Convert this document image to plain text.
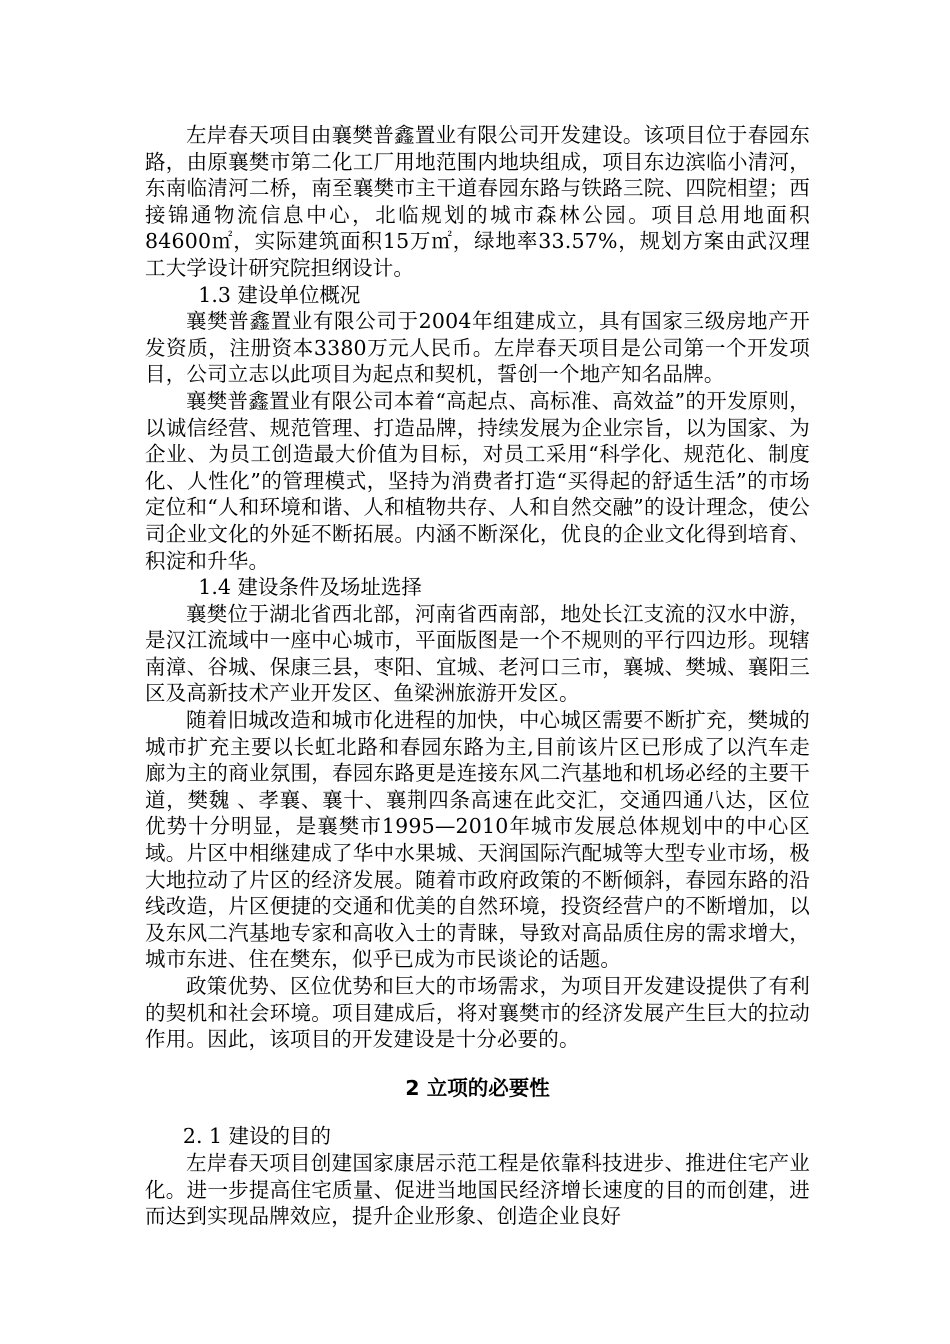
左岸春天项目由襄樊普鑫置业有限公司开发建设。该项目位于春园东路，由原襄樊市第二化工厂用地范围内地块组成，项目东边滨临小清河，东南临清河二桥，南至襄樊市主干道春园东路与铁路三院、四院相望；西接锦通物流信息中心，北临规划的城市森林公园。项目总用地面积84600㎡，实际建筑面积15万㎡，绿地率33.57%，规划方案由武汉理工大学设计研究院担纲设计。

1.3 建设单位概况

襄樊普鑫置业有限公司于2004年组建成立，具有国家三级房地产开发资质，注册资本3380万元人民币。左岸春天项目是公司第一个开发项目，公司立志以此项目为起点和契机，誓创一个地产知名品牌。

襄樊普鑫置业有限公司本着“高起点、高标准、高效益”的开发原则，以诚信经营、规范管理、打造品牌，持续发展为企业宗旨，以为国家、为企业、为员工创造最大价值为目标，对员工采用“科学化、规范化、制度化、人性化”的管理模式，坚持为消费者打造“买得起的舒适生活”的市场定位和“人和环境和谐、人和植物共存、人和自然交融”的设计理念，使公司企业文化的外延不断拓展。内涵不断深化，优良的企业文化得到培育、积淀和升华。

1.4 建设条件及场址选择

襄樊位于湖北省西北部，河南省西南部，地处长江支流的汉水中游，是汉江流域中一座中心城市，平面版图是一个不规则的平行四边形。现辖南漳、谷城、保康三县，枣阳、宜城、老河口三市，襄城、樊城、襄阳三区及高新技术产业开发区、鱼梁洲旅游开发区。

随着旧城改造和城市化进程的加快，中心城区需要不断扩充，樊城的城市扩充主要以长虹北路和春园东路为主,目前该片区已形成了以汽车走廊为主的商业氛围，春园东路更是连接东风二汽基地和机场必经的主要干道，樊魏 、孝襄、襄十、襄荆四条高速在此交汇，交通四通八达，区位优势十分明显，是襄樊市1995—2010年城市发展总体规划中的中心区域。片区中相继建成了华中水果城、天润国际汽配城等大型专业市场，极大地拉动了片区的经济发展。随着市政府政策的不断倾斜，春园东路的沿线改造，片区便捷的交通和优美的自然环境，投资经营户的不断增加，以及东风二汽基地专家和高收入士的青睐，导致对高品质住房的需求增大，城市东进、住在樊东，似乎已成为市民谈论的话题。

政策优势、区位优势和巨大的市场需求，为项目开发建设提供了有利的契机和社会环境。项目建成后，将对襄樊市的经济发展产生巨大的拉动作用。因此，该项目的开发建设是十分必要的。

2 立项的必要性

2. 1 建设的目的

左岸春天项目创建国家康居示范工程是依靠科技进步、推进住宅产业化。进一步提高住宅质量、促进当地国民经济增长速度的目的而创建，进而达到实现品牌效应，提升企业形象、创造企业良好
